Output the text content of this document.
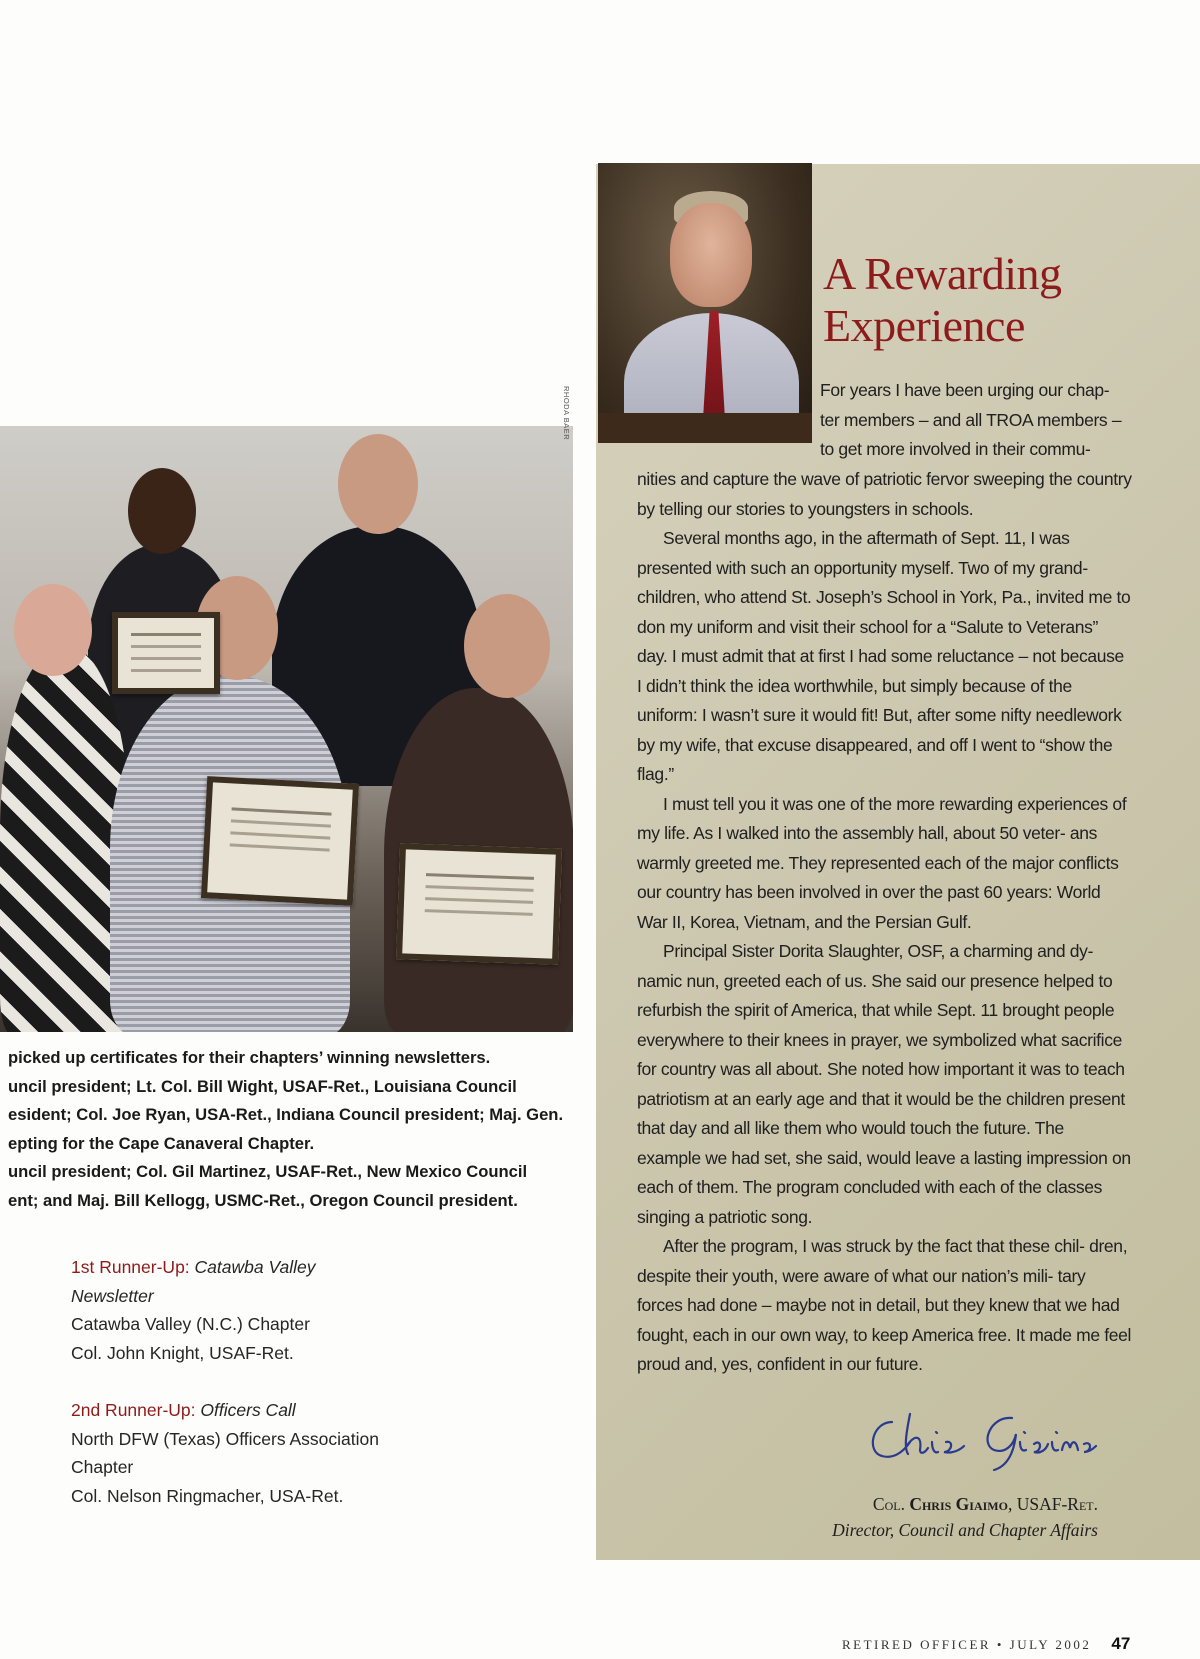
picked up certificates for their chapters’ winning newsletters.
uncil president; Lt. Col. Bill Wight, USAF-Ret., Louisiana Council
esident; Col. Joe Ryan, USA-Ret., Indiana Council president; Maj. Gen.
epting for the Cape Canaveral Chapter.
uncil president; Col. Gil Martinez, USAF-Ret., New Mexico Council
ent; and Maj. Bill Kellogg, USMC-Ret., Oregon Council president.
1st Runner-Up: Catawba Valley Newsletter
Catawba Valley (N.C.) Chapter
Col. John Knight, USAF-Ret.
2nd Runner-Up: Officers Call
North DFW (Texas) Officers Association Chapter
Col. Nelson Ringmacher, USA-Ret.
RHODA BAER
A Rewarding
Experience
For years I have been urging our chap- ter members – and all TROA members – to get more involved in their commu-

nities and capture the wave of patriotic fervor sweeping the country by telling our stories to youngsters in schools.

Several months ago, in the aftermath of Sept. 11, I was presented with such an opportunity myself. Two of my grand- children, who attend St. Joseph’s School in York, Pa., invited me to don my uniform and visit their school for a “Salute to Veterans” day. I must admit that at first I had some reluctance – not because I didn’t think the idea worthwhile, but simply because of the uniform: I wasn’t sure it would fit! But, after some nifty needlework by my wife, that excuse disappeared, and off I went to “show the flag.”

I must tell you it was one of the more rewarding experiences of my life. As I walked into the assembly hall, about 50 veter- ans warmly greeted me. They represented each of the major conflicts our country has been involved in over the past 60 years: World War II, Korea, Vietnam, and the Persian Gulf.

Principal Sister Dorita Slaughter, OSF, a charming and dy- namic nun, greeted each of us. She said our presence helped to refurbish the spirit of America, that while Sept. 11 brought people everywhere to their knees in prayer, we symbolized what sacrifice for country was all about. She noted how important it was to teach patriotism at an early age and that it would be the children present that day and all like them who would touch the future. The example we had set, she said, would leave a lasting impression on each of them. The program concluded with each of the classes singing a patriotic song.

After the program, I was struck by the fact that these chil- dren, despite their youth, were aware of what our nation’s mili- tary forces had done – maybe not in detail, but they knew that we had fought, each in our own way, to keep America free. It made me feel proud and, yes, confident in our future.

Col. Chris Giaimo, USAF-Ret.
Director, Council and Chapter Affairs
RETIRED OFFICER • JULY 2002 47
